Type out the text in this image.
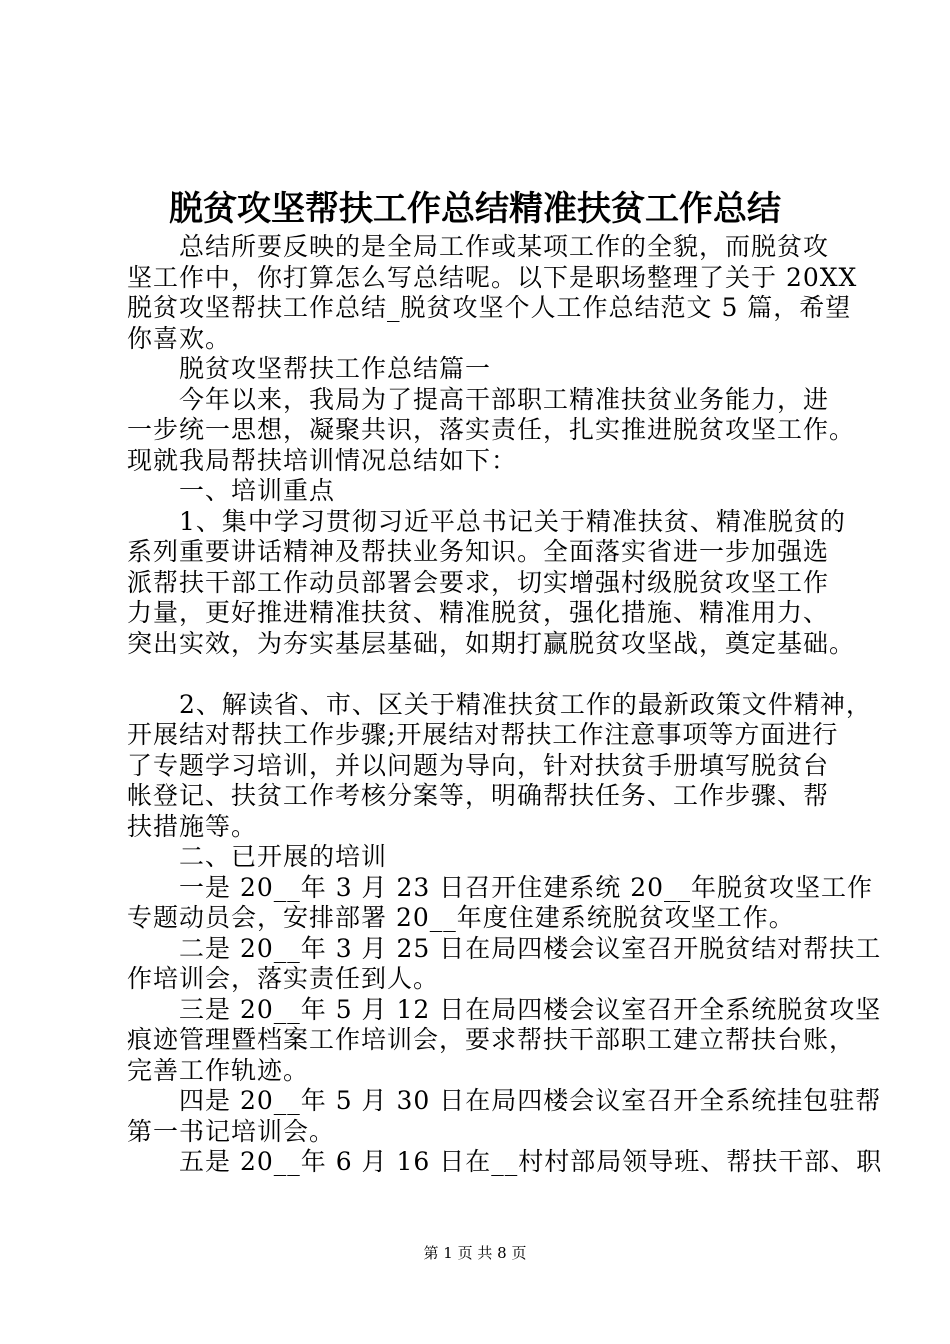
脱贫攻坚帮扶工作总结精准扶贫工作总结
总结所要反映的是全局工作或某项工作的全貌，而脱贫攻
坚工作中，你打算怎么写总结呢。以下是职场整理了关于 20XX
脱贫攻坚帮扶工作总结_脱贫攻坚个人工作总结范文 5 篇，希望
你喜欢。
脱贫攻坚帮扶工作总结篇一
今年以来，我局为了提高干部职工精准扶贫业务能力，进
一步统一思想，凝聚共识，落实责任，扎实推进脱贫攻坚工作。
现就我局帮扶培训情况总结如下：
一、培训重点
1、集中学习贯彻习近平总书记关于精准扶贫、精准脱贫的
系列重要讲话精神及帮扶业务知识。全面落实省进一步加强选
派帮扶干部工作动员部署会要求，切实增强村级脱贫攻坚工作
力量，更好推进精准扶贫、精准脱贫，强化措施、精准用力、
突出实效，为夯实基层基础，如期打赢脱贫攻坚战，奠定基础。
2、解读省、市、区关于精准扶贫工作的最新政策文件精神，
开展结对帮扶工作步骤;开展结对帮扶工作注意事项等方面进行
了专题学习培训，并以问题为导向，针对扶贫手册填写脱贫台
帐登记、扶贫工作考核分案等，明确帮扶任务、工作步骤、帮
扶措施等。
二、已开展的培训
一是 20__年 3 月 23 日召开住建系统 20__年脱贫攻坚工作
专题动员会，安排部署 20__年度住建系统脱贫攻坚工作。
二是 20__年 3 月 25 日在局四楼会议室召开脱贫结对帮扶工
作培训会，落实责任到人。
三是 20__年 5 月 12 日在局四楼会议室召开全系统脱贫攻坚
痕迹管理暨档案工作培训会，要求帮扶干部职工建立帮扶台账，
完善工作轨迹。
四是 20__年 5 月 30 日在局四楼会议室召开全系统挂包驻帮
第一书记培训会。
五是 20__年 6 月 16 日在__村村部局领导班、帮扶干部、职
第 1 页 共 8 页
